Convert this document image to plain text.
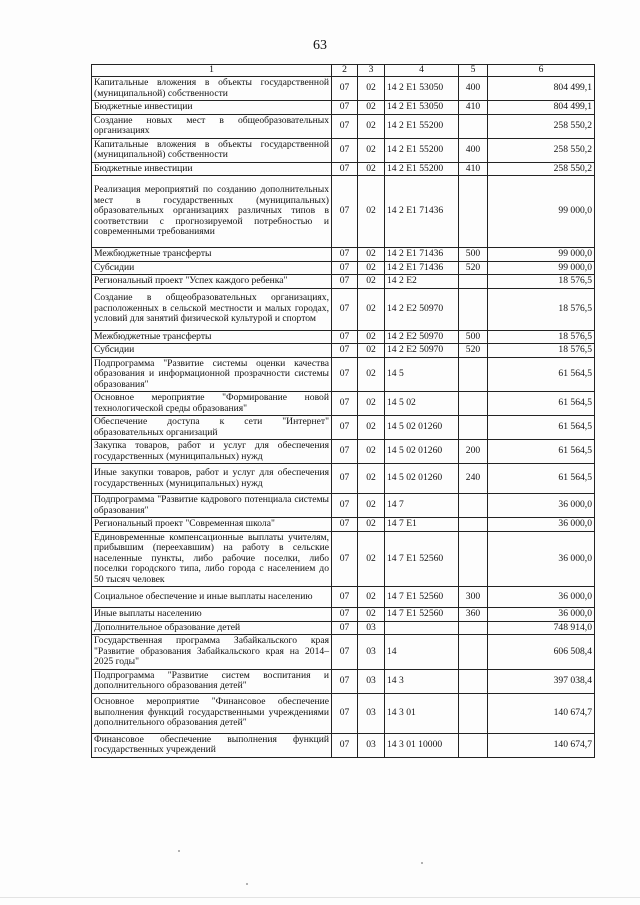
63
1	2	3	4	5	6
Капитальные вложения в объекты государственной (муниципальной) собственности	07	02	14 2 E1 53050	400	804 499,1
Бюджетные инвестиции	07	02	14 2 E1 53050	410	804 499,1
Создание новых мест в общеобразовательных организациях	07	02	14 2 E1 55200		258 550,2
Капитальные вложения в объекты государственной (муниципальной) собственности	07	02	14 2 E1 55200	400	258 550,2
Бюджетные инвестиции	07	02	14 2 E1 55200	410	258 550,2
Реализация мероприятий по созданию дополнительных мест в государственных (муниципальных) образовательных организациях различных типов в соответствии с прогнозируемой потребностью и современными требованиями	07	02	14 2 E1 71436		99 000,0
Межбюджетные трансферты	07	02	14 2 E1 71436	500	99 000,0
Субсидии	07	02	14 2 E1 71436	520	99 000,0
Региональный проект "Успех каждого ребенка"	07	02	14 2 E2		18 576,5
Создание в общеобразовательных организациях, расположенных в сельской местности и малых городах, условий для занятий физической культурой и спортом	07	02	14 2 E2 50970		18 576,5
Межбюджетные трансферты	07	02	14 2 E2 50970	500	18 576,5
Субсидии	07	02	14 2 E2 50970	520	18 576,5
Подпрограмма "Развитие системы оценки качества образования и информационной прозрачности системы образования"	07	02	14 5		61 564,5
Основное мероприятие "Формирование новой технологической среды образования"	07	02	14 5 02		61 564,5
Обеспечение доступа к сети "Интернет" образовательных организаций	07	02	14 5 02 01260		61 564,5
Закупка товаров, работ и услуг для обеспечения государственных (муниципальных) нужд	07	02	14 5 02 01260	200	61 564,5
Иные закупки товаров, работ и услуг для обеспечения государственных (муниципальных) нужд	07	02	14 5 02 01260	240	61 564,5
Подпрограмма "Развитие кадрового потенциала системы образования"	07	02	14 7		36 000,0
Региональный проект "Современная школа"	07	02	14 7 E1		36 000,0
Единовременные компенсационные выплаты учителям, прибывшим (переехавшим) на работу в сельские населенные пункты, либо рабочие поселки, либо поселки городского типа, либо города с населением до 50 тысяч человек	07	02	14 7 E1 52560		36 000,0
Социальное обеспечение и иные выплаты населению	07	02	14 7 E1 52560	300	36 000,0
Иные выплаты населению	07	02	14 7 E1 52560	360	36 000,0
Дополнительное образование детей	07	03			748 914,0
Государственная программа Забайкальского края "Развитие образования Забайкальского края на 2014–2025 годы"	07	03	14		606 508,4
Подпрограмма "Развитие систем воспитания и дополнительного образования детей"	07	03	14 3		397 038,4
Основное мероприятие "Финансовое обеспечение выполнения функций государственными учреждениями дополнительного образования детей"	07	03	14 3 01		140 674,7
Финансовое обеспечение выполнения функций государственных учреждений	07	03	14 3 01 10000		140 674,7
